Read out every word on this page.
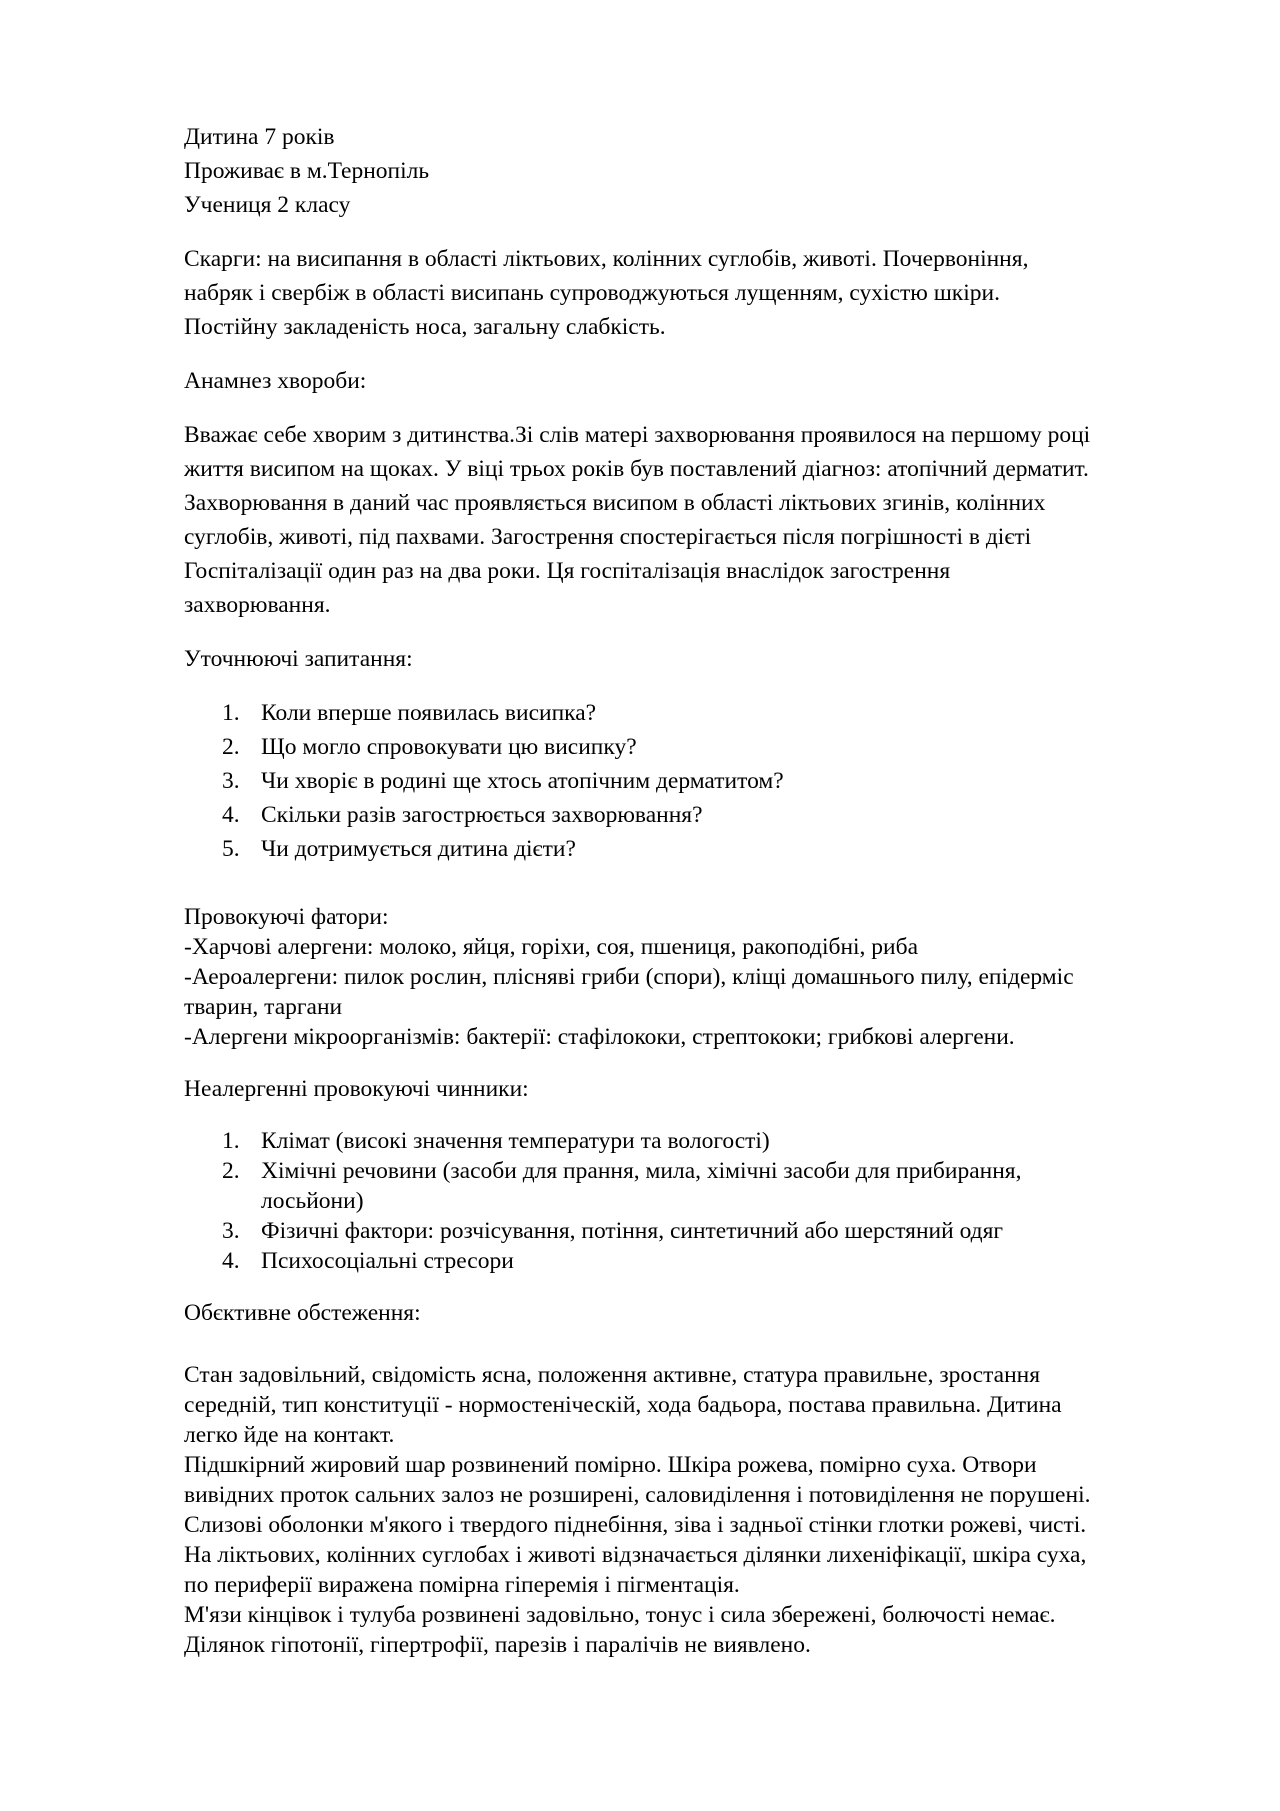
Дитина 7 років
Проживає в м.Тернопіль
Учениця 2 класу
Скарги: на висипання в області ліктьових, колінних суглобів, животі. Почервоніння,
набряк і свербіж в області висипань супроводжуються лущенням, сухістю шкіри.
Постійну закладеність носа, загальну слабкість.
Анамнез хвороби:
Вважає себе хворим з дитинства.Зі слів матері захворювання проявилося на першому році
життя висипом на щоках. У віці трьох років був поставлений діагноз: атопічний дерматит.
Захворювання в даний час проявляється висипом в області ліктьових згинів, колінних
суглобів, животі, під пахвами. Загострення спостерігається після погрішності в дієті
Госпіталізації один раз на два роки. Ця госпіталізація внаслідок загострення
захворювання.
Уточнюючі запитання:
1. Коли вперше появилась висипка?
2. Що могло спровокувати цю висипку?
3. Чи хворіє в родині ще хтось атопічним дерматитом?
4. Скільки разів загострюється захворювання?
5. Чи дотримується дитина дієти?
Провокуючі фатори:
-Харчові алергени: молоко, яйця, горіхи, соя, пшениця, ракоподібні, риба
-Аероалергени: пилок рослин, плісняві гриби (спори), кліщі домашнього пилу, епідерміс
тварин, таргани
-Алергени мікроорганізмів: бактерії: стафілококи, стрептококи; грибкові алергени.
Неалергенні провокуючі чинники:
1. Клімат (високі значення температури та вологості)
2. Хімічні речовини (засоби для прання, мила, хімічні засоби для прибирання,
лосьйони)
3. Фізичні фактори: розчісування, потіння, синтетичний або шерстяний одяг
4. Психосоціальні стресори
Обєктивне обстеження:
Стан задовільний, свідомість ясна, положення активне, статура правильне, зростання
середній, тип конституції - нормостеніческій, хода бадьора, постава правильна. Дитина
легко йде на контакт.
Підшкірний жировий шар розвинений помірно. Шкіра рожева, помірно суха. Отвори
вивідних проток сальних залоз не розширені, саловиділення і потовиділення не порушені.
Слизові оболонки м'якого і твердого піднебіння, зіва і задньої стінки глотки рожеві, чисті.
На ліктьових, колінних суглобах і животі відзначається ділянки лихеніфікації, шкіра суха,
по периферії виражена помірна гіперемія і пігментація.
М'язи кінцівок і тулуба розвинені задовільно, тонус і сила збережені, болючості немає.
Ділянок гіпотонії, гіпертрофії, парезів і паралічів не виявлено.
